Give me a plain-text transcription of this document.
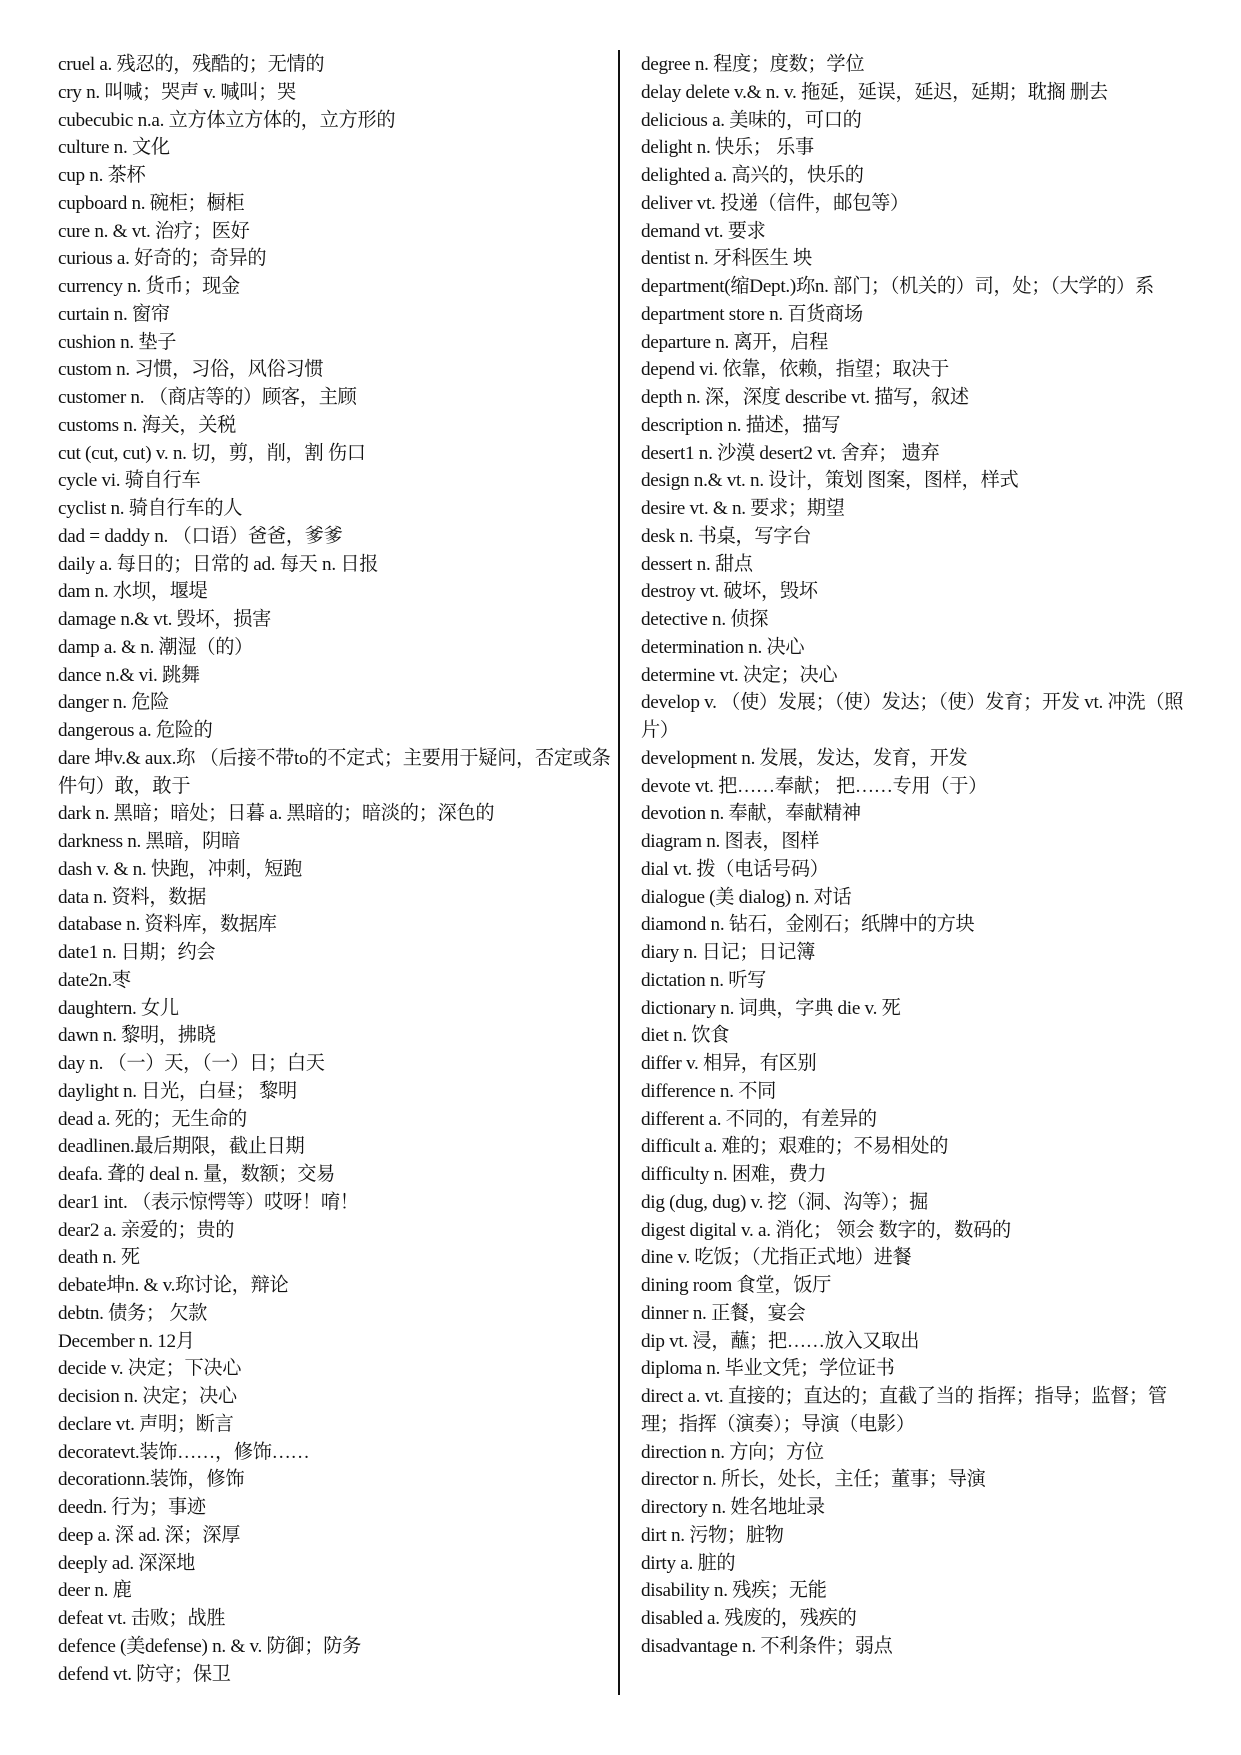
cruel a. 残忍的，残酷的；无情的
cry n. 叫喊；哭声 v. 喊叫；哭
cubecubic n.a. 立方体立方体的，立方形的
culture n. 文化
cup n. 茶杯
cupboard n. 碗柜；橱柜
cure n. & vt. 治疗；医好
curious a. 好奇的；奇异的
currency n. 货币；现金
curtain n. 窗帘
cushion n. 垫子
custom n. 习惯，习俗，风俗习惯
customer n. （商店等的）顾客，主顾
customs n. 海关，关税
cut (cut, cut) v. n. 切，剪，削，割 伤口
cycle vi. 骑自行车
cyclist n. 骑自行车的人
dad = daddy n. （口语）爸爸，爹爹
daily a. 每日的；日常的 ad. 每天 n. 日报
dam n. 水坝，堰堤
damage n.& vt. 毁坏，损害
damp a. & n. 潮湿（的）
dance n.& vi. 跳舞
danger n. 危险
dangerous a. 危险的
dare 坤v.& aux.珎 （后接不带to的不定式；主要用于疑问，否定或条件句）敢，敢于
dark n. 黑暗；暗处；日暮 a. 黑暗的；暗淡的；深色的
darkness n. 黑暗，阴暗
dash v. & n. 快跑，冲刺，短跑
data n. 资料，数据
database n. 资料库，数据库
date1 n. 日期；约会
date2n.枣
daughtern. 女儿
dawn n. 黎明，拂晓
day n. （一）天，（一）日；白天
daylight n. 日光，白昼； 黎明
dead a. 死的；无生命的
deadlinen.最后期限，截止日期
deafa. 聋的 deal n. 量，数额；交易
dear1 int. （表示惊愕等）哎呀！唷！
dear2 a. 亲爱的；贵的
death n. 死
debate坤n. & v.珎讨论，辩论
debtn. 债务； 欠款
December n. 12月
decide v. 决定；下决心
decision n. 决定；决心
declare vt. 声明；断言
decoratevt.装饰……，修饰……
decorationn.装饰，修饰
deedn. 行为；事迹
deep a. 深 ad. 深；深厚
deeply ad. 深深地
deer n. 鹿
defeat vt. 击败；战胜
defence (美defense) n. & v. 防御；防务
defend vt. 防守；保卫
degree n. 程度；度数；学位
delay delete v.& n. v. 拖延，延误，延迟，延期；耽搁 删去
delicious a. 美味的，可口的
delight n. 快乐； 乐事
delighted a. 高兴的，快乐的
deliver vt. 投递（信件，邮包等）
demand vt. 要求
dentist n. 牙科医生 坱
department(缩Dept.)珎n. 部门；（机关的）司，处；（大学的）系
department store n. 百货商场
departure n. 离开，启程
depend vi. 依靠，依赖，指望；取决于
depth n. 深，深度 describe vt. 描写，叙述
description n. 描述，描写
desert1 n. 沙漠 desert2 vt. 舍弃； 遗弃
design n.& vt. n. 设计，策划 图案，图样，样式
desire vt. & n. 要求；期望
desk n. 书桌，写字台
dessert n. 甜点
destroy vt. 破坏，毁坏
detective n. 侦探
determination n. 决心
determine vt. 决定；决心
develop v. （使）发展；（使）发达；（使）发育；开发 vt. 冲洗（照片）
development n. 发展，发达，发育，开发
devote vt. 把……奉献； 把……专用（于）
devotion n. 奉献，奉献精神
diagram n. 图表，图样
dial vt. 拨（电话号码）
dialogue (美 dialog) n. 对话
diamond n. 钻石，金刚石；纸牌中的方块
diary n. 日记；日记簿
dictation n. 听写
dictionary n. 词典，字典 die v. 死
diet n. 饮食
differ v. 相异，有区别
difference n. 不同
different a. 不同的，有差异的
difficult a. 难的；艰难的；不易相处的
difficulty n. 困难，费力
dig (dug, dug) v. 挖（洞、沟等）；掘
digest digital v. a. 消化； 领会 数字的，数码的
dine v. 吃饭；（尤指正式地）进餐
dining room 食堂，饭厅
dinner n. 正餐，宴会
dip vt. 浸，蘸；把……放入又取出
diploma n. 毕业文凭；学位证书
direct a. vt. 直接的；直达的；直截了当的 指挥；指导；监督；管理；指挥（演奏）；导演（电影）
direction n. 方向；方位
director n. 所长，处长，主任；董事；导演
directory n. 姓名地址录
dirt n. 污物；脏物
dirty a. 脏的
disability n. 残疾；无能
disabled a. 残废的，残疾的
disadvantage n. 不利条件；弱点
